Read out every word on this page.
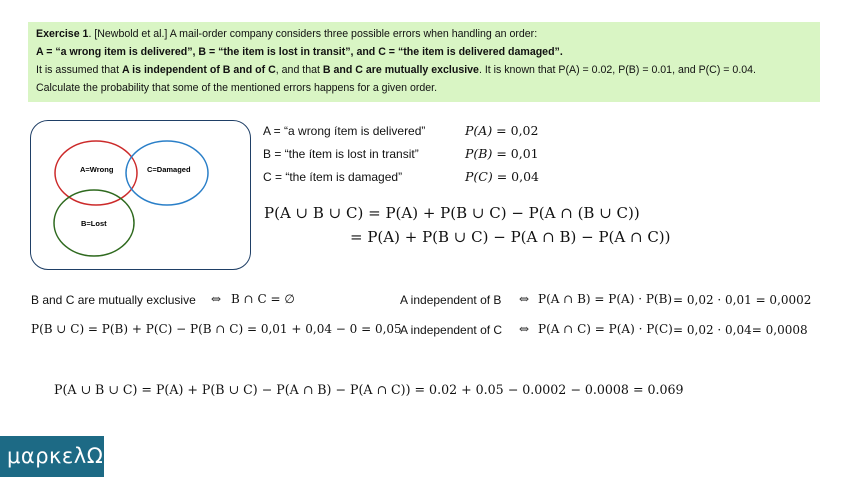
Exercise 1. [Newbold et al.] A mail-order company considers three possible errors when handling an order:
A = “a wrong item is delivered”, B = “the item is lost in transit”, and C = “the item is delivered damaged”.
It is assumed that A is independent of B and of C, and that B and C are mutually exclusive. It is known that P(A) = 0.02, P(B) = 0.01, and P(C) = 0.04.
Calculate the probability that some of the mentioned errors happens for a given order.
A=Wrong	C=Damaged
B=Lost
A = “a wrong ítem is delivered”
B = “the ítem is lost in transit”
C = “the ítem is damaged”
P(A) = 0,02
P(B) = 0,01
P(C) = 0,04
P(A ∪ B ∪ C) = P(A) + P(B ∪ C) − P(A ∩ (B ∪ C))
= P(A) + P(B ∪ C) − P(A ∩ B) − P(A ∩ C))
B and C are mutually exclusive ⇔ B ∩ C = ∅
P(B ∪ C) = P(B) + P(C) − P(B ∩ C) = 0,01 + 0,04 − 0 = 0,05
A independent of B ⇔ P(A ∩ B) = P(A) · P(B) = 0,02 · 0,01 = 0,0002
A independent of C ⇔ P(A ∩ C) = P(A) · P(C) = 0,02 · 0,04= 0,0008
P(A ∪ B ∪ C) = P(A) + P(B ∪ C) − P(A ∩ B) − P(A ∩ C)) = 0.02 + 0.05 − 0.0002 − 0.0008 = 0.069
μαρκελΩ
